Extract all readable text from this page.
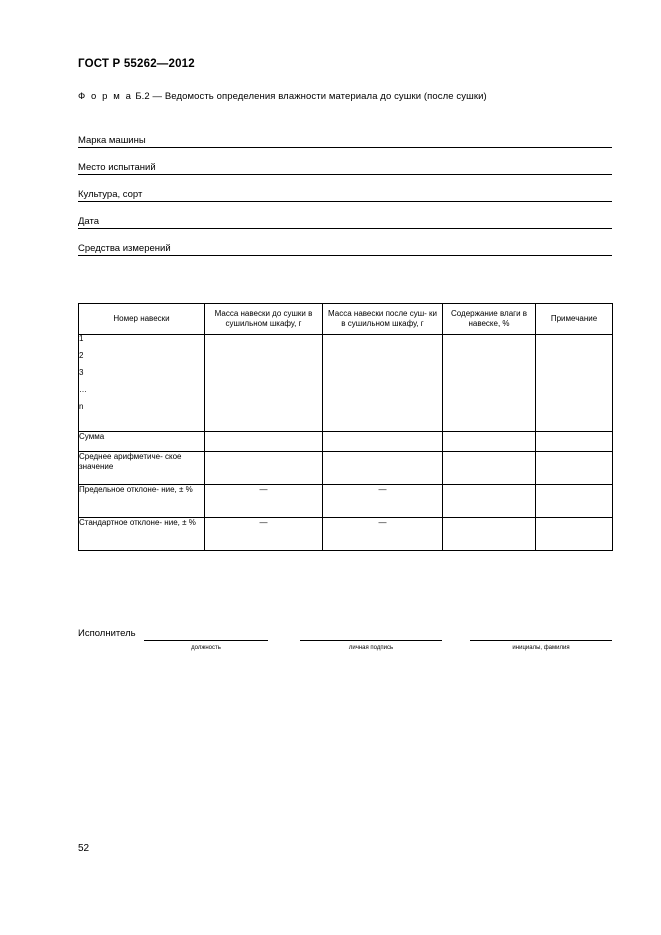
ГОСТ Р 55262—2012
Ф о р м а Б.2 — Ведомость определения влажности материала до сушки (после сушки)
Марка машины
Место испытаний
Культура, сорт
Дата
Средства измерений
Номер навески	Масса навески до сушки в сушильном шкафу, г	Масса навески после суш- ки в сушильном шкафу, г	Содержание влаги в навеске, %	Примечание

1
2
3
…
n				

Сумма				
Среднее арифметиче- ское значение				
Предельное отклоне- ние, ± %	—	—		
Стандартное отклоне- ние, ± %	—	—		
Исполнитель
должность	личная подпись	инициалы, фамилия
52
